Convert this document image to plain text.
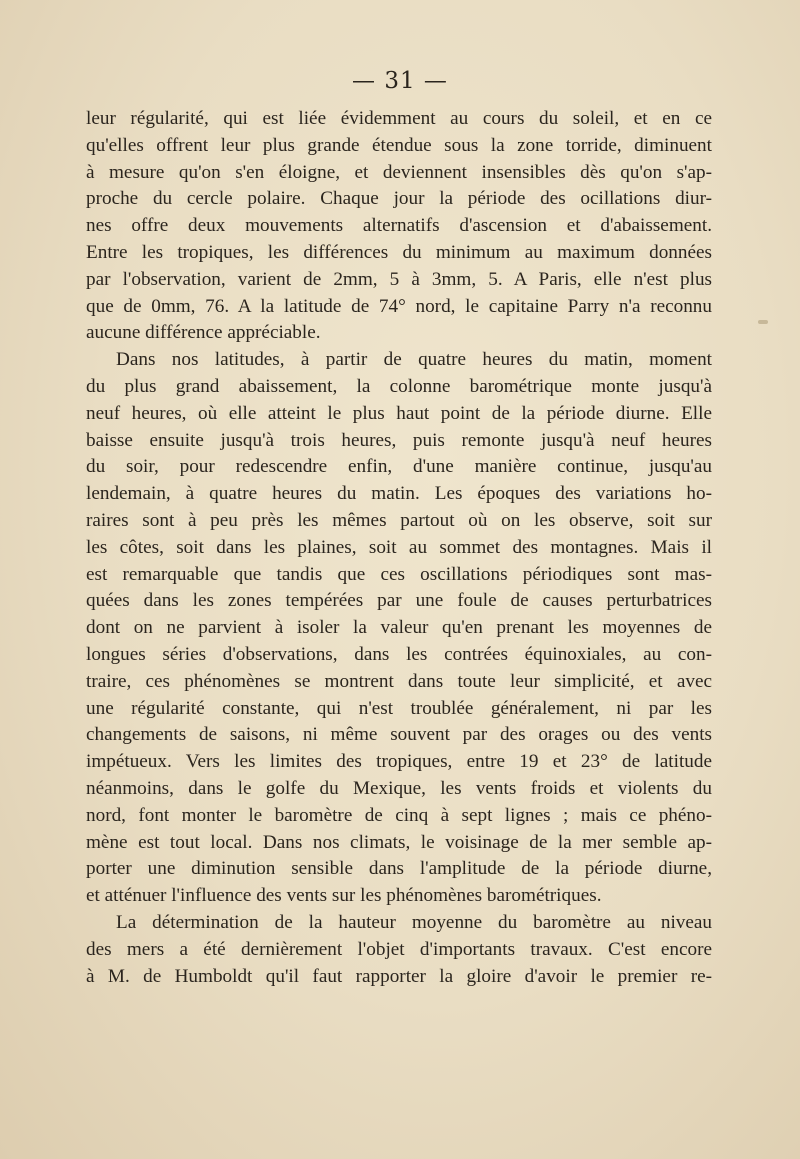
— 31 —
leur régularité, qui est liée évidemment au cours du soleil, et en ce
qu'elles offrent leur plus grande étendue sous la zone torride, diminuent
à mesure qu'on s'en éloigne, et deviennent insensibles dès qu'on s'ap-
proche du cercle polaire. Chaque jour la période des ocillations diur-
nes offre deux mouvements alternatifs d'ascension et d'abaissement.
Entre les tropiques, les différences du minimum au maximum données
par l'observation, varient de 2mm, 5 à 3mm, 5. A Paris, elle n'est plus
que de 0mm, 76. A la latitude de 74° nord, le capitaine Parry n'a reconnu
aucune différence appréciable.
Dans nos latitudes, à partir de quatre heures du matin, moment
du plus grand abaissement, la colonne barométrique monte jusqu'à
neuf heures, où elle atteint le plus haut point de la période diurne. Elle
baisse ensuite jusqu'à trois heures, puis remonte jusqu'à neuf heures
du soir, pour redescendre enfin, d'une manière continue, jusqu'au
lendemain, à quatre heures du matin. Les époques des variations ho-
raires sont à peu près les mêmes partout où on les observe, soit sur
les côtes, soit dans les plaines, soit au sommet des montagnes. Mais il
est remarquable que tandis que ces oscillations périodiques sont mas-
quées dans les zones tempérées par une foule de causes perturbatrices
dont on ne parvient à isoler la valeur qu'en prenant les moyennes de
longues séries d'observations, dans les contrées équinoxiales, au con-
traire, ces phénomènes se montrent dans toute leur simplicité, et avec
une régularité constante, qui n'est troublée généralement, ni par les
changements de saisons, ni même souvent par des orages ou des vents
impétueux. Vers les limites des tropiques, entre 19 et 23° de latitude
néanmoins, dans le golfe du Mexique, les vents froids et violents du
nord, font monter le baromètre de cinq à sept lignes ; mais ce phéno-
mène est tout local. Dans nos climats, le voisinage de la mer semble ap-
porter une diminution sensible dans l'amplitude de la période diurne,
et atténuer l'influence des vents sur les phénomènes barométriques.
La détermination de la hauteur moyenne du baromètre au niveau
des mers a été dernièrement l'objet d'importants travaux. C'est encore
à M. de Humboldt qu'il faut rapporter la gloire d'avoir le premier re-
